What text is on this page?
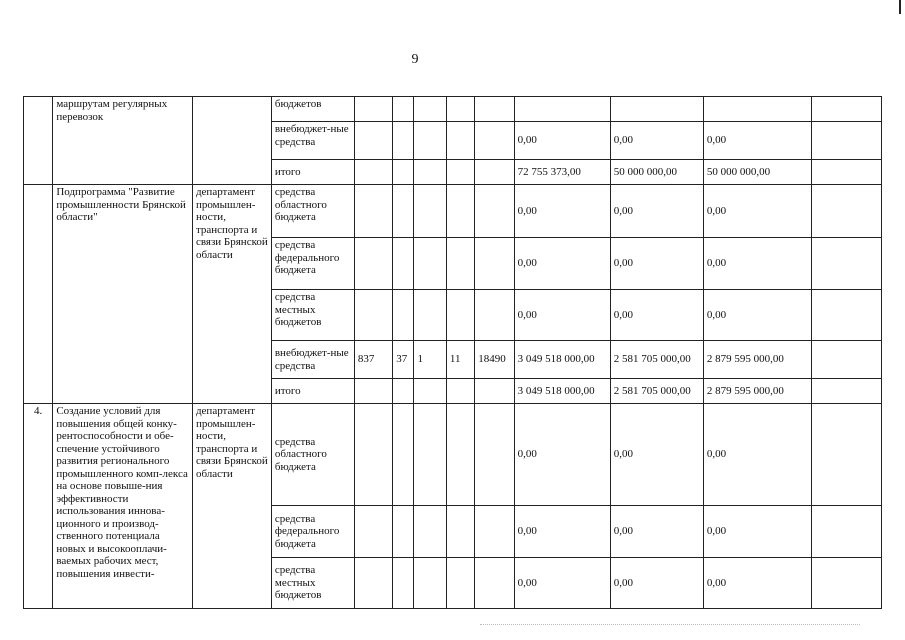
9
	маршрутам регулярных перевозок		бюджетов									
			внебюджет-ные средства						0,00	0,00	0,00	
			итого						72 755 373,00	50 000 000,00	50 000 000,00	
	Подпрограмма "Развитие промышленности Брянской области"	департамент промышлен-ности, транспорта и связи Брянской области	средства областного бюджета						0,00	0,00	0,00	
			средства федерального бюджета						0,00	0,00	0,00	
			средства местных бюджетов						0,00	0,00	0,00	
			внебюджет-ные средства	837	37	1	11	18490	3 049 518 000,00	2 581 705 000,00	2 879 595 000,00	
			итого						3 049 518 000,00	2 581 705 000,00	2 879 595 000,00	
4.	Создание условий для повышения общей конку-рентоспособности и обе-спечение устойчивого развития регионального промышленного комп-лекса на основе повыше-ния эффективности использования иннова-ционного и производ-ственного потенциала новых и высокооплачи-ваемых рабочих мест, повышения инвести-	департамент промышлен-ности, транспорта и связи Брянской области	средства областного бюджета						0,00	0,00	0,00	
			средства федерального бюджета						0,00	0,00	0,00	
			средства местных бюджетов						0,00	0,00	0,00	
